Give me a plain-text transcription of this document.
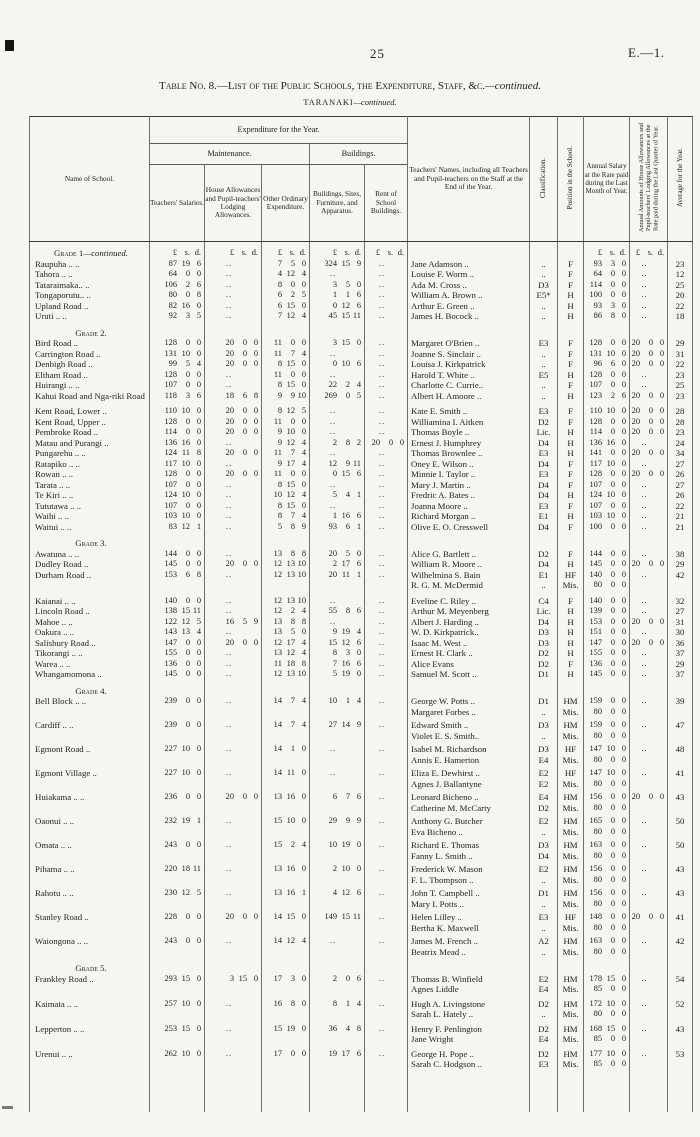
25	E.—1.
Table No. 8.—List of the Public Schools, the Expenditure, Staff, &c.—continued.
TARANAKI—continued.
Name of School.	Expenditure for the Year.					Teachers' Names, including all Teachers and Pupil-teachers on the Staff at the End of the Year.	Classification.	Position in the School.	Annual Salary at the Rate paid during the Last Month of Year.	Annual Amounts of House Allowances and Pupil-teachers' Lodging Allowances at the Rate paid during the Last Quarter of Year.	Average for the Year.
	Maintenance.			Buildings.							
	Teachers' Salaries.	House Allowances and Pupil-teachers' Lodging Allowances.	Other Ordinary Expenditure.	Buildings, Sites, Furniture, and Apparatus.	Rent of School Buildings.						
Grade 1—continued.	£ s. d.	£ s. d.	£ s. d.	£ s. d.	£ s. d.				£ s. d.	£ s. d.	

Raupuha .. ..	87 19 6	..	7 5 0	324 15 9	..	Jane Adamson ..	..	F	93 3 0	..	23
Tahora .. ..	64 0 0	..	4 12 4	..	..	Louise F. Worm ..	..	F	64 0 0	..	12
Tataraimaka.. ..	106 2 6	..	8 0 0	3 5 0	..	Ada M. Cross ..	D3	F	114 0 0	..	25
Tongaporutu.. ..	80 0 8	..	6 2 5	1 1 6	..	William A. Brown ..	E5*	H	100 0 0	..	20
Upland Road ..	82 16 0	..	6 15 0	0 12 6	..	Arthur E. Green ..	..	H	93 3 0	..	22
Uruti .. ..	92 3 5	..	7 12 4	45 15 11	..	James H. Bocock ..	..	H	86 8 0	..	18
Grade 2.											
Bird Road ..	128 0 0	20 0 0	11 0 0	3 15 0	..	Margaret O'Brien ..	E3	F	128 0 0	20 0 0	29
Carrington Road ..	131 10 0	20 0 0	11 7 4	..	..	Joanne S. Sinclair ..	..	F	131 10 0	20 0 0	31
Denbigh Road ..	99 5 4	20 0 0	8 15 0	0 10 6	..	Louisa J. Kirkpatrick	..	F	96 6 0	20 0 0	22
Eltham Road ..	128 0 0	..	11 0 0	..	..	Harold T. White ..	E5	H	128 0 0	..	23
Huirangi .. ..	107 0 0	..	8 15 0	22 2 4	..	Charlotte C. Currie..	..	F	107 0 0	..	25
Kahui Road and Nga-riki Road	118 3 6	18 6 8	9 9 10	269 0 5	..	Albert H. Amoore ..	..	H	123 2 6	20 0 0	23
Kent Road, Lower ..	110 10 0	20 0 0	8 12 5	..	..	Kate E. Smith ..	E3	F	110 10 0	20 0 0	28
Kent Road, Upper ..	128 0 0	20 0 0	11 0 0	..	..	Williamina I. Aitken	D2	F	128 0 0	20 0 0	28
Pembroke Road ..	114 0 0	20 0 0	9 10 0	..	..	Thomas Boyle ..	Lic.	H	114 0 0	20 0 0	23
Matau and Purangi ..	136 16 0	..	9 12 4	2 8 2	20 0 0	Ernest J. Humphrey	D4	H	136 16 0	..	24
Pungarehu .. ..	124 11 8	20 0 0	11 7 4	..	..	Thomas Brownlee ..	E3	H	141 0 0	20 0 0	34
Ratapiko .. ..	117 10 0	..	9 17 4	12 9 11	..	Oney E. Wilson ..	D4	F	117 10 0	..	27
Rowan .. ..	128 0 0	20 0 0	11 0 0	0 15 6	..	Minnie I. Taylor ..	E3	F	128 0 0	20 0 0	26
Tarata .. ..	107 0 0	..	8 15 0	..	..	Mary J. Martin ..	D4	F	107 0 0	..	27
Te Kiri .. ..	124 10 0	..	10 12 4	5 4 1	..	Fredric A. Bates ..	D4	H	124 10 0	..	26
Tututawa .. ..	107 0 0	..	8 15 0	..	..	Joanna Moore ..	E3	F	107 0 0	..	22
Waihi .. ..	103 10 0	..	8 7 4	1 16 6	..	Richard Morgan ..	E1	H	103 10 0	..	21
Waitui .. ..	83 12 1	..	5 8 9	93 6 1	..	Olive E. O. Cresswell	D4	F	100 0 0	..	21
Grade 3.											
Awatuna .. ..	144 0 0	..	13 8 8	20 5 0	..	Alice G. Bartlett ..	D2	F	144 0 0	..	38
Dudley Road ..	145 0 0	20 0 0	12 13 10	2 17 6	..	William R. Moore ..	D4	H	145 0 0	20 0 0	29
Durham Road ..	153 6 8	..	12 13 10	20 11 1	..	Wilhelmina S. Bain	E1	HF	140 0 0	..	42
						R. G. M. McDermid	..	Mis.	80 0 0		

Kaianai .. ..	140 0 0	..	12 13 10	..	..	Eveline C. Riley ..	C4	F	140 0 0	..	32
Lincoln Road ..	138 15 11	..	12 2 4	55 8 6	..	Arthur M. Meyenberg	Lic.	H	139 0 0	..	27
Mahoe .. ..	122 12 5	16 5 9	13 8 8	..	..	Albert J. Harding ..	D4	H	153 0 0	20 0 0	31
Oakura .. ..	143 13 4	..	13 5 0	9 19 4	..	W. D. Kirkpatrick..	D3	H	151 0 0	..	30
Salisbury Road ..	147 0 0	20 0 0	12 17 4	15 12 6	..	Isaac M. West ..	D3	H	147 0 0	20 0 0	36
Tikorangi .. ..	155 0 0	..	13 12 4	8 3 0	..	Ernest H. Clark ..	D2	H	155 0 0	..	37
Warea .. ..	136 0 0	..	11 18 8	7 16 6	..	Alice Evans	D2	F	136 0 0	..	29
Whangamomona ..	145 0 0	..	12 13 10	5 19 0	..	Samuel M. Scott ..	D1	H	145 0 0	..	37
Grade 4.											
Bell Block .. ..	239 0 0	..	14 7 4	10 1 4	..	George W. Potts ..	D1	HM	159 0 0	..	39
						Margaret Forbes ..	..	Mis.	80 0 0		

Cardiff .. ..	239 0 0	..	14 7 4	27 14 9	..	Edward Smith ..	D3	HM	159 0 0	..	47
						Violet E. S. Smith..	..	Mis.	80 0 0		

Egmont Road ..	227 10 0	..	14 1 0	..	..	Isabel M. Richardson	D3	HF	147 10 0	..	48
						Annis E. Hamerton	E4	Mis.	80 0 0		

Egmont Village ..	227 10 0	..	14 11 0	..	..	Eliza E. Dewhirst ..	E2	HF	147 10 0	..	41
						Agnes J. Ballantyne	E2	Mis.	80 0 0		

Huiakama .. ..	236 0 0	20 0 0	13 16 0	6 7 6	..	Leonard Bicheno ..	E4	HM	156 0 0	20 0 0	43
						Catherine M. McCarty	D2	Mis.	80 0 0		

Oaonui .. ..	232 19 1	..	15 10 0	29 9 9	..	Anthony G. Butcher	E2	HM	165 0 0	..	50
						Eva Bicheno ..	..	Mis.	80 0 0		

Omata .. ..	243 0 0	..	15 2 4	10 19 0	..	Richard E. Thomas	D3	HM	163 0 0	..	50
						Fanny L. Smith ..	D4	Mis.	80 0 0		

Pihama .. ..	220 18 11	..	13 16 0	2 10 0	..	Frederick W. Mason	E2	HM	156 0 0	..	43
						F. L. Thompson ..	..	Mis.	80 0 0		

Rahotu .. ..	230 12 5	..	13 16 1	4 12 6	..	John T. Campbell ..	D1	HM	156 0 0	..	43
						Mary I. Potts ..	..	Mis.	80 0 0		

Stanley Road ..	228 0 0	20 0 0	14 15 0	149 15 11	..	Helen Lilley ..	E3	HF	148 0 0	20 0 0	41
						Bertha K. Maxwell	..	Mis.	80 0 0		

Waiongona .. ..	243 0 0	..	14 12 4	..	..	James M. French ..	A2	HM	163 0 0	..	42
						Beatrix Mead ..	..	Mis.	80 0 0		

Grade 5.											
Frankley Road ..	293 15 0	3 15 0	17 3 0	2 0 6	..	Thomas B. Winfield	E2	HM	178 15 0	..	54
						Agnes Liddle	E4	Mis.	85 0 0		

Kaimata .. ..	257 10 0	..	16 8 0	8 1 4	..	Hugh A. Livingstone	D2	HM	172 10 0	..	52
						Sarah L. Hately ..	..	Mis.	80 0 0		

Lepperton .. ..	253 15 0	..	15 19 0	36 4 8	..	Henry F. Penlington	D2	HM	168 15 0	..	43
						Jane Wright	E4	Mis.	85 0 0		

Urenui .. ..	262 10 0	..	17 0 0	19 17 6	..	George H. Pope ..	D2	HM	177 10 0	..	53
						Sarah C. Hodgson ..	E3	Mis.	85 0 0		
